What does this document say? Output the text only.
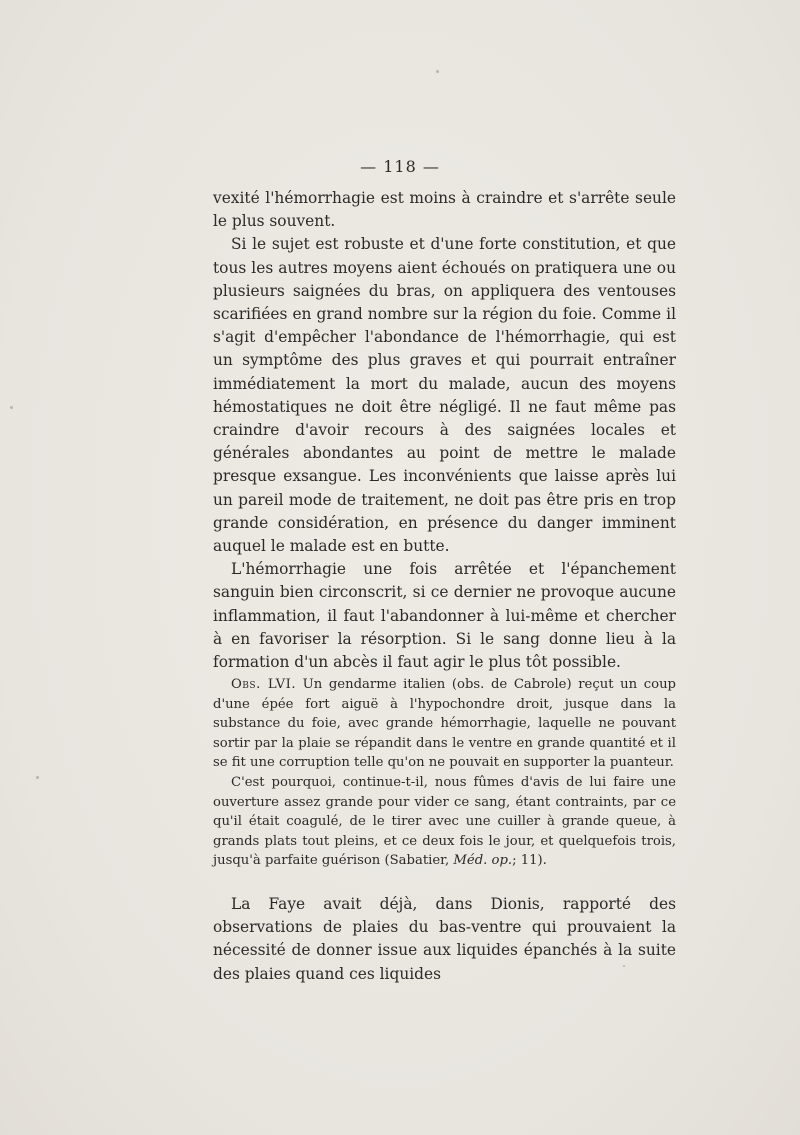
— 118 —

vexité l'hémorrhagie est moins à craindre et s'arrête seule le plus souvent.

Si le sujet est robuste et d'une forte constitution, et que tous les autres moyens aient échoués on pratiquera une ou plusieurs saignées du bras, on appliquera des ventouses scarifiées en grand nombre sur la région du foie. Comme il s'agit d'empêcher l'abondance de l'hémorrhagie, qui est un symptôme des plus graves et qui pourrait entraîner immédiatement la mort du malade, aucun des moyens hémostatiques ne doit être négligé. Il ne faut même pas craindre d'avoir recours à des saignées locales et générales abondantes au point de mettre le malade presque exsangue. Les inconvénients que laisse après lui un pareil mode de traitement, ne doit pas être pris en trop grande considération, en présence du danger imminent auquel le malade est en butte.

L'hémorrhagie une fois arrêtée et l'épanchement sanguin bien circonscrit, si ce dernier ne provoque aucune inflammation, il faut l'abandonner à lui-même et chercher à en favoriser la résorption. Si le sang donne lieu à la formation d'un abcès il faut agir le plus tôt possible.

Obs. LVI. Un gendarme italien (obs. de Cabrole) reçut un coup d'une épée fort aiguë à l'hypochondre droit, jusque dans la substance du foie, avec grande hémorrhagie, laquelle ne pouvant sortir par la plaie se répandit dans le ventre en grande quantité et il se fit une corruption telle qu'on ne pouvait en supporter la puanteur.

C'est pourquoi, continue-t-il, nous fûmes d'avis de lui faire une ouverture assez grande pour vider ce sang, étant contraints, par ce qu'il était coagulé, de le tirer avec une cuiller à grande queue, à grands plats tout pleins, et ce deux fois le jour, et quelquefois trois, jusqu'à parfaite guérison (Sabatier, Méd. op.; 11).

La Faye avait déjà, dans Dionis, rapporté des observations de plaies du bas-ventre qui prouvaient la nécessité de donner issue aux liquides épanchés à la suite des plaies quand ces liquides
